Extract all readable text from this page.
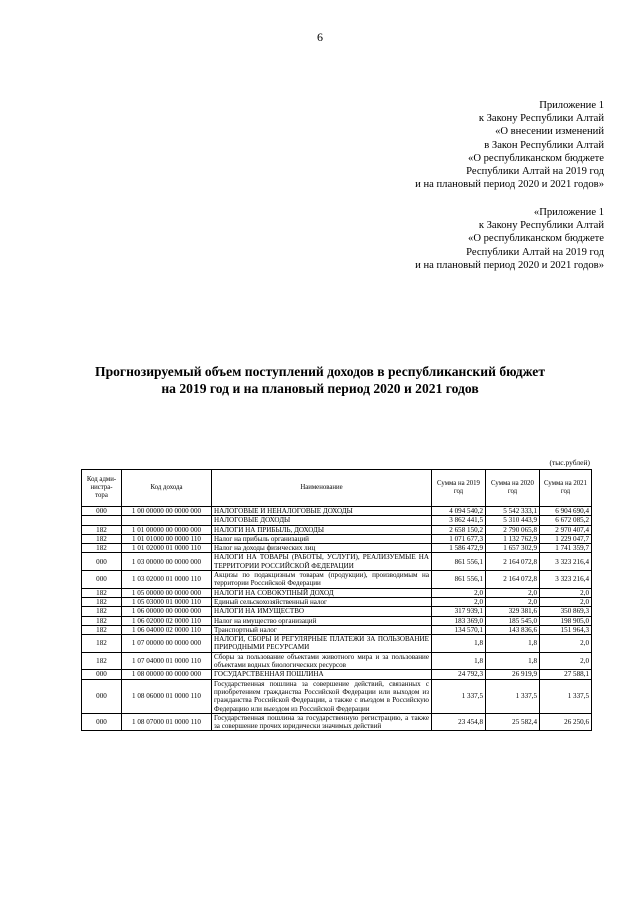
6
Приложение 1
к Закону Республики Алтай
«О внесении изменений
в Закон Республики Алтай
«О республиканском бюджете
Республики Алтай на 2019 год
и на плановый период 2020 и 2021 годов»
«Приложение 1
к Закону Республики Алтай
«О республиканском бюджете
Республики Алтай на 2019 год
и на плановый период 2020 и 2021 годов»
Прогнозируемый объем поступлений доходов в республиканский бюджет
на 2019 год и на плановый период 2020 и 2021 годов
(тыс.рублей)
Код адми- нистра- тора	Код дохода	Наименование	Сумма на 2019 год	Сумма на 2020 год	Сумма на 2021 год
000	1 00 00000 00 0000 000	НАЛОГОВЫЕ И НЕНАЛОГОВЫЕ ДОХОДЫ	4 094 540,2	5 542 333,1	6 904 690,4
		НАЛОГОВЫЕ ДОХОДЫ	3 862 441,5	5 310 443,9	6 672 085,2
182	1 01 00000 00 0000 000	НАЛОГИ НА ПРИБЫЛЬ, ДОХОДЫ	2 658 150,2	2 790 065,8	2 970 407,4
182	1 01 01000 00 0000 110	Налог на прибыль организаций	1 071 677,3	1 132 762,9	1 229 047,7
182	1 01 02000 01 0000 110	Налог на доходы физических лиц	1 586 472,9	1 657 302,9	1 741 359,7
000	1 03 00000 00 0000 000	НАЛОГИ НА ТОВАРЫ (РАБОТЫ, УСЛУГИ), РЕАЛИЗУЕМЫЕ НА ТЕРРИТОРИИ РОССИЙСКОЙ ФЕДЕРАЦИИ	861 556,1	2 164 072,8	3 323 216,4
000	1 03 02000 01 0000 110	Акцизы по подакцизным товарам (продукции), производимым на территории Российской Федерации	861 556,1	2 164 072,8	3 323 216,4
182	1 05 00000 00 0000 000	НАЛОГИ НА СОВОКУПНЫЙ ДОХОД	2,0	2,0	2,0
182	1 05 03000 01 0000 110	Единый сельскохозяйственный налог	2,0	2,0	2,0
182	1 06 00000 00 0000 000	НАЛОГИ НА ИМУЩЕСТВО	317 939,1	329 381,6	350 869,3
182	1 06 02000 02 0000 110	Налог на имущество организаций	183 369,0	185 545,0	198 905,0
182	1 06 04000 02 0000 110	Транспортный налог	134 570,1	143 836,6	151 964,3
182	1 07 00000 00 0000 000	НАЛОГИ, СБОРЫ И РЕГУЛЯРНЫЕ ПЛАТЕЖИ ЗА ПОЛЬЗОВАНИЕ ПРИРОДНЫМИ РЕСУРСАМИ	1,8	1,8	2,0
182	1 07 04000 01 0000 110	Сборы за пользование объектами животного мира и за пользование объектами водных биологических ресурсов	1,8	1,8	2,0
000	1 08 00000 00 0000 000	ГОСУДАРСТВЕННАЯ ПОШЛИНА	24 792,3	26 919,9	27 588,1
000	1 08 06000 01 0000 110	Государственная пошлина за совершение действий, связанных с приобретением гражданства Российской Федерации или выходом из гражданства Российской Федерации, а также с въездом в Российскую Федерацию или выездом из Российской Федерации	1 337,5	1 337,5	1 337,5
000	1 08 07000 01 0000 110	Государственная пошлина за государственную регистрацию, а также за совершение прочих юридически значимых действий	23 454,8	25 582,4	26 250,6
